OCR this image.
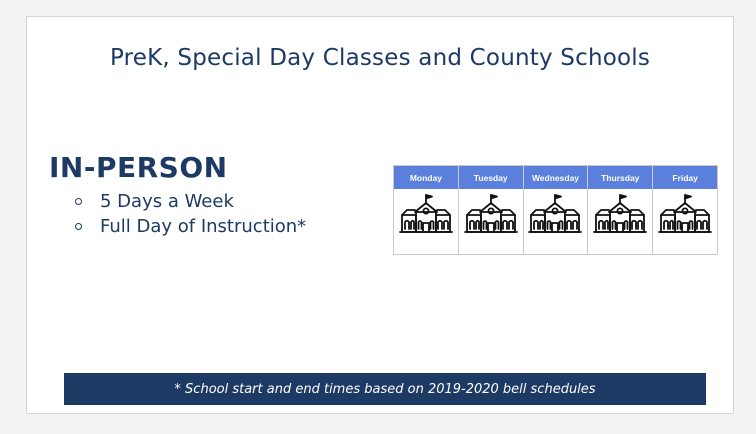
PreK, Special Day Classes and County Schools
IN-PERSON
5 Days a Week
Full Day of Instruction*
Monday	Tuesday	Wednesday	Thursday	Friday
* School start and end times based on 2019-2020 bell schedules
